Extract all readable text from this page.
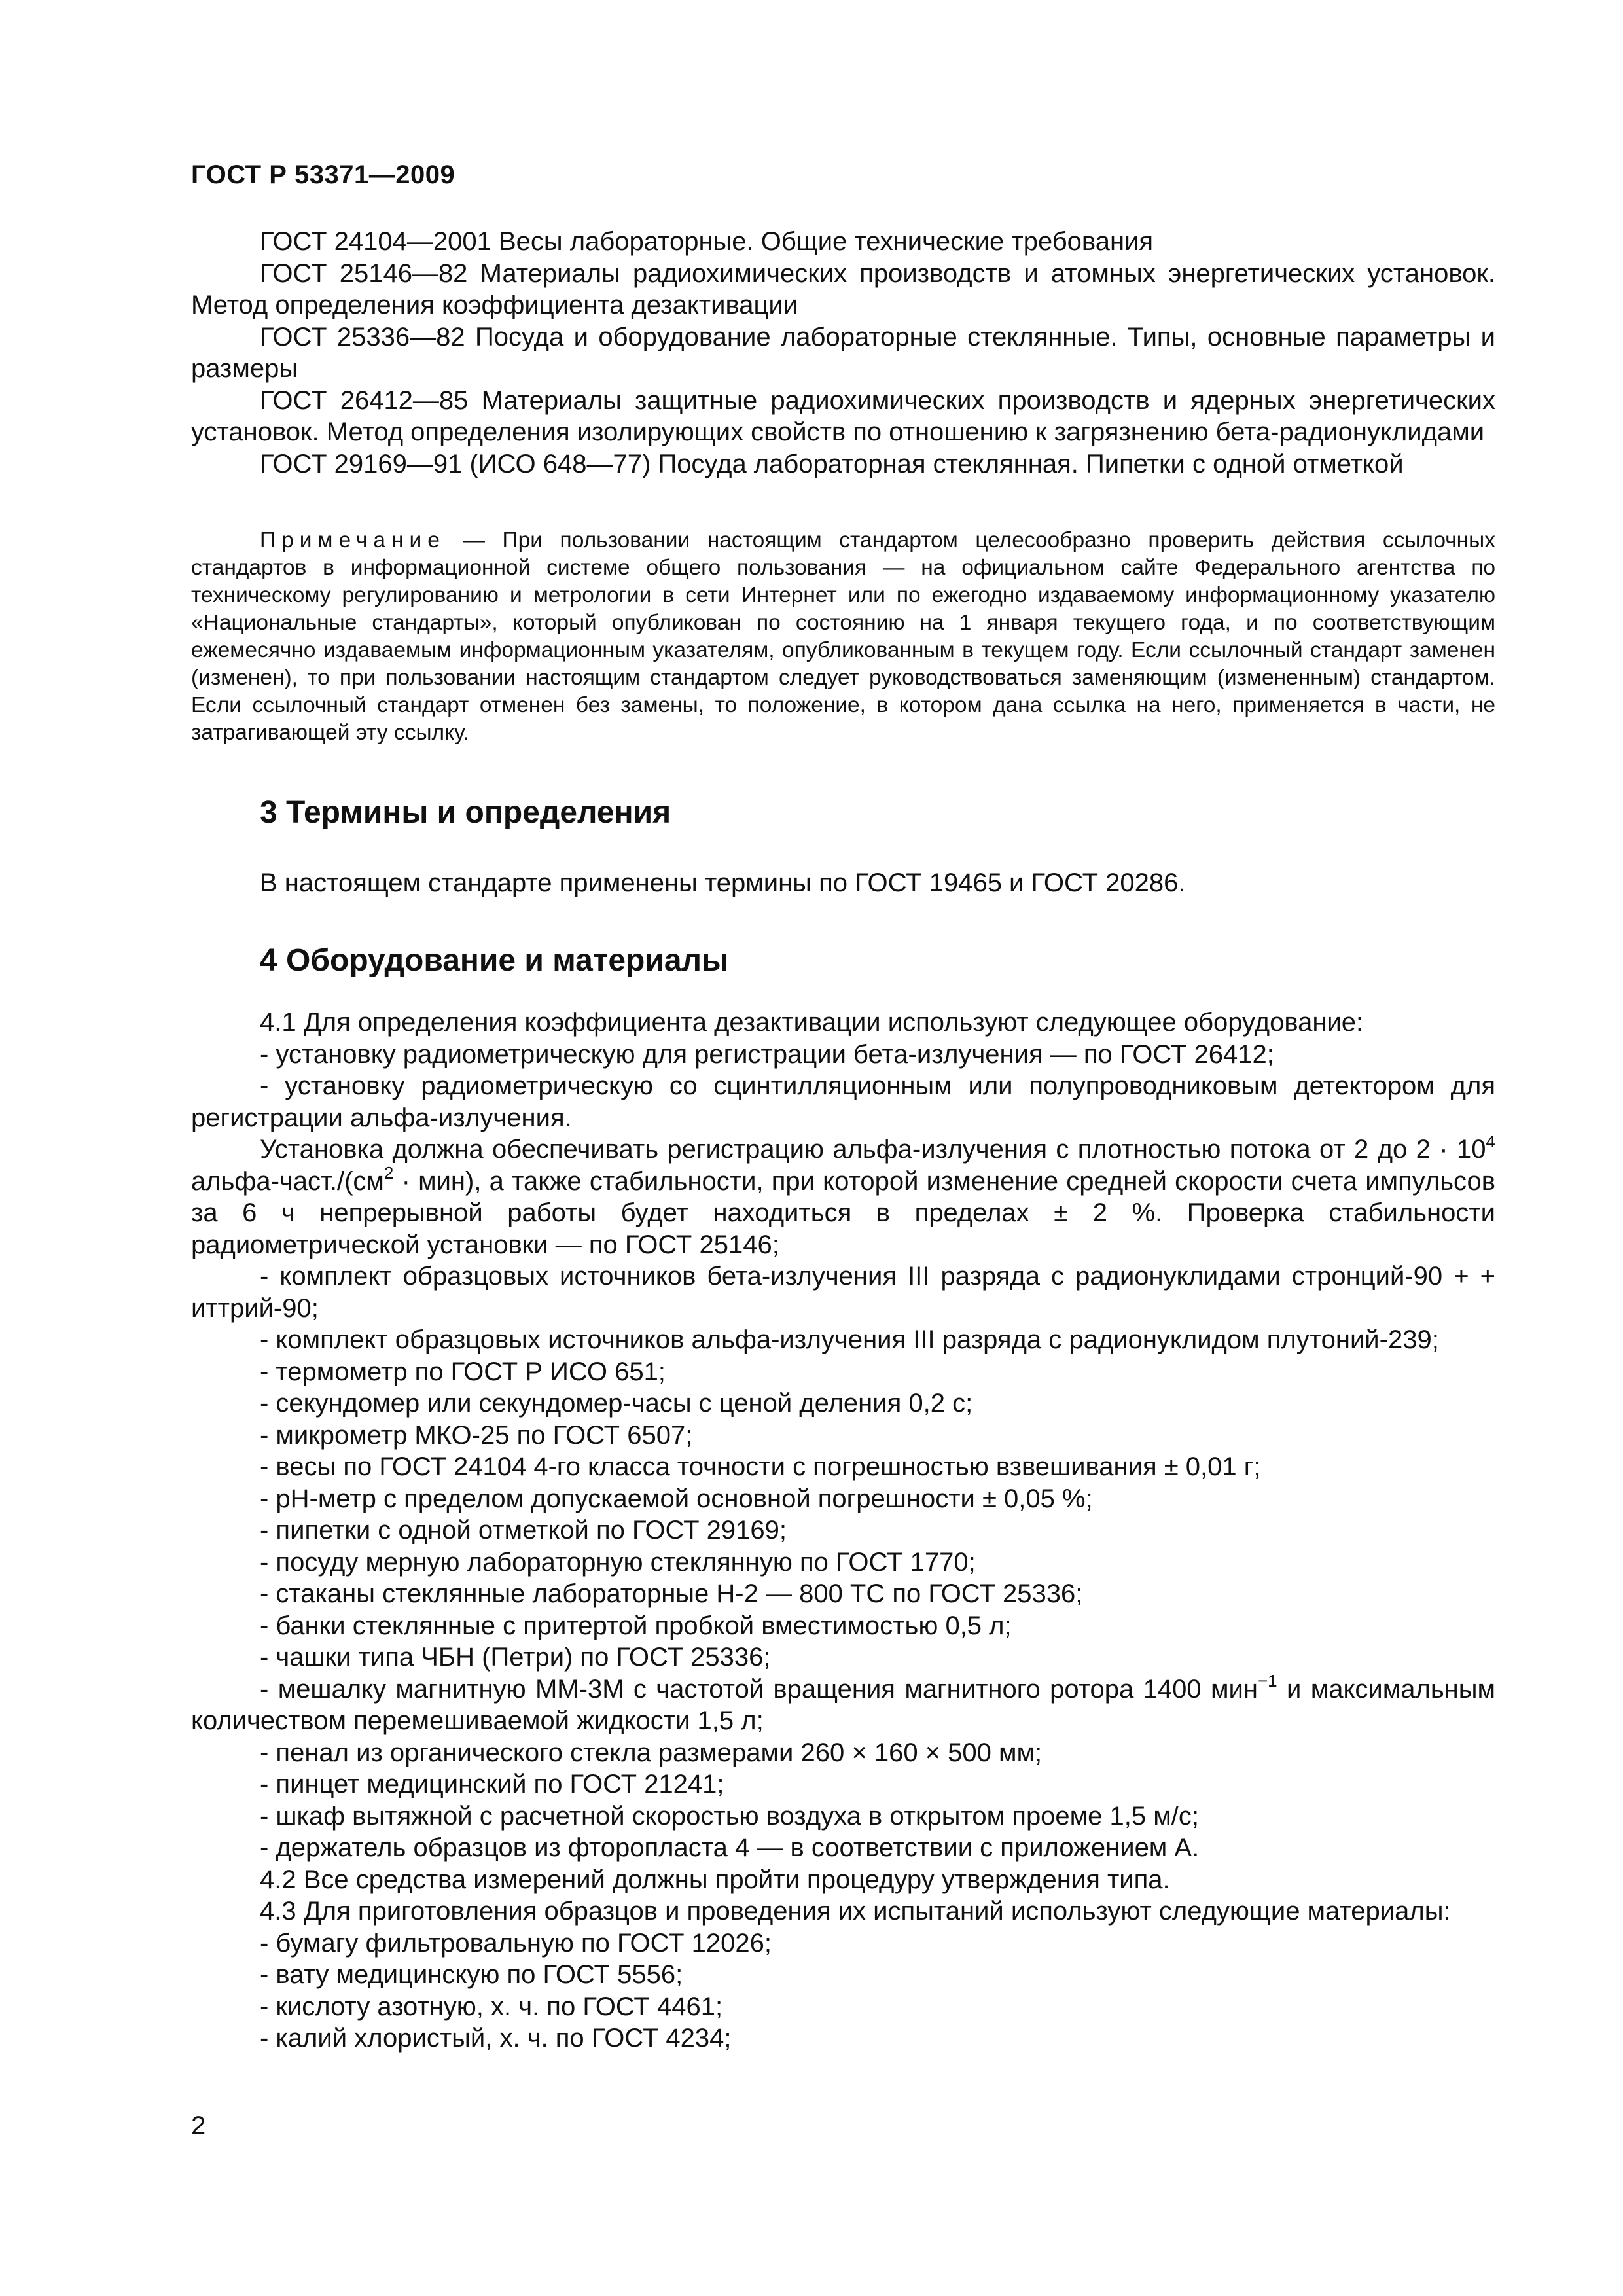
ГОСТ Р 53371—2009

ГОСТ 24104—2001 Весы лабораторные. Общие технические требования

ГОСТ 25146—82 Материалы радиохимических производств и атомных энергетических установок. Метод определения коэффициента дезактивации

ГОСТ 25336—82 Посуда и оборудование лабораторные стеклянные. Типы, основные параметры и размеры

ГОСТ 26412—85 Материалы защитные радиохимических производств и ядерных энергетических установок. Метод определения изолирующих свойств по отношению к загрязнению бета-радионуклидами

ГОСТ 29169—91 (ИСО 648—77) Посуда лабораторная стеклянная. Пипетки с одной отметкой

Примечание — При пользовании настоящим стандартом целесообразно проверить действия ссылочных стандартов в информационной системе общего пользования — на официальном сайте Федерального агентства по техническому регулированию и метрологии в сети Интернет или по ежегодно издаваемому информационному указателю «Национальные стандарты», который опубликован по состоянию на 1 января текущего года, и по соответствующим ежемесячно издаваемым информационным указателям, опубликованным в текущем году. Если ссылочный стандарт заменен (изменен), то при пользовании настоящим стандартом следует руководствоваться заменяющим (измененным) стандартом. Если ссылочный стандарт отменен без замены, то положение, в котором дана ссылка на него, применяется в части, не затрагивающей эту ссылку.

3 Термины и определения

В настоящем стандарте применены термины по ГОСТ 19465 и ГОСТ 20286.

4 Оборудование и материалы

4.1 Для определения коэффициента дезактивации используют следующее оборудование:

- установку радиометрическую для регистрации бета-излучения — по ГОСТ 26412;

- установку радиометрическую со сцинтилляционным или полупроводниковым детектором для регистрации альфа-излучения.

Установка должна обеспечивать регистрацию альфа-излучения с плотностью потока от 2 до $2 \cdot 10^4$ альфа-$част./(см^2 \cdot мин)$, а также стабильности, при которой изменение средней скорости счета импульсов за 6 ч непрерывной работы будет находиться в пределах ± 2 %. Проверка стабильности радиометрической установки — по ГОСТ 25146;

- комплект образцовых источников бета-излучения III разряда с радионуклидами стронций-90 + + иттрий-90;

- комплект образцовых источников альфа-излучения III разряда с радионуклидом плутоний-239;

- термометр по ГОСТ Р ИСО 651;

- секундомер или секундомер-часы с ценой деления 0,2 с;

- микрометр МКО-25 по ГОСТ 6507;

- весы по ГОСТ 24104 4-го класса точности с погрешностью взвешивания ± 0,01 г;

- рН-метр с пределом допускаемой основной погрешности ± 0,05 %;

- пипетки с одной отметкой по ГОСТ 29169;

- посуду мерную лабораторную стеклянную по ГОСТ 1770;

- стаканы стеклянные лабораторные Н-2 — 800 ТС по ГОСТ 25336;

- банки стеклянные с притертой пробкой вместимостью 0,5 л;

- чашки типа ЧБН (Петри) по ГОСТ 25336;

- мешалку магнитную ММ-3М с частотой вращения магнитного ротора 1400 мин$^{-1}$ и максимальным количеством перемешиваемой жидкости 1,5 л;

- пенал из органического стекла размерами 260 × 160 × 500 мм;

- пинцет медицинский по ГОСТ 21241;

- шкаф вытяжной с расчетной скоростью воздуха в открытом проеме 1,5 м/с;

- держатель образцов из фторопласта 4 — в соответствии с приложением А.

4.2 Все средства измерений должны пройти процедуру утверждения типа.

4.3 Для приготовления образцов и проведения их испытаний используют следующие материалы:

- бумагу фильтровальную по ГОСТ 12026;

- вату медицинскую по ГОСТ 5556;

- кислоту азотную, х. ч. по ГОСТ 4461;

- калий хлористый, х. ч. по ГОСТ 4234;

2
